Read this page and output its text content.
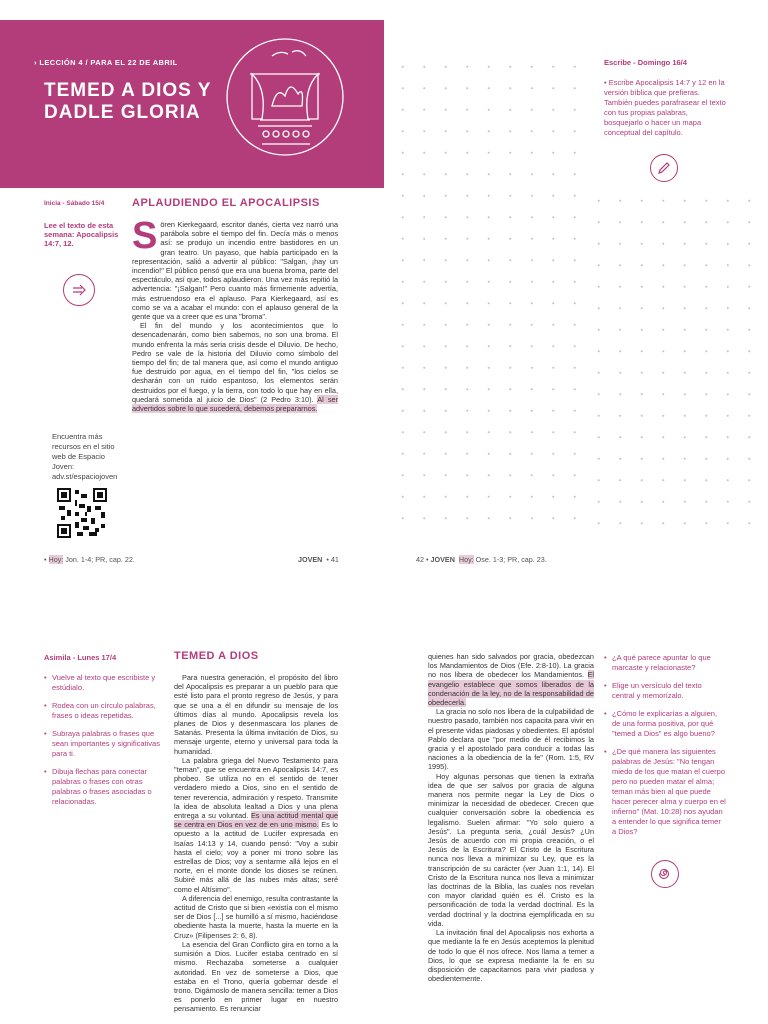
› LECCIÓN 4 / PARA EL 22 DE ABRIL
TEMED A DIOS Y DADLE GLORIA
Escribe - Domingo 16/4
• Escribe Apocalipsis 14:7 y 12 en la versión bíblica que prefieras. También puedes parafrasear el texto con tus propias palabras, bosquejarlo o hacer un mapa conceptual del capítulo.
Inicia - Sábado 15/4
Lee el texto de esta semana: Apocalipsis 14:7, 12.
Encuentra más recursos en el sitio web de Espacio Joven: adv.st/espaciojoven
APLAUDIENDO EL APOCALIPSIS
S ören Kierkegaard, escritor danés, cierta vez narró una parábola sobre el tiempo del fin. Decía más o menos así: se produjo un incendio entre bastidores en un gran teatro. Un payaso, que había participado en la representación, salió a advertir al público: "Salgan, ¡hay un incendio!" El público pensó que era una buena broma, parte del espectáculo, así que, todos aplaudieron. Una vez más repitió la advertencia: "¡Salgan!" Pero cuanto más firmemente advertía, más estruendoso era el aplauso. Para Kierkegaard, así es como se va a acabar el mundo: con el aplauso general de la gente que va a creer que es una "broma".

El fin del mundo y los acontecimientos que lo desencadenarán, como bien sabemos, no son una broma. El mundo enfrenta la más seria crisis desde el Diluvio. De hecho, Pedro se vale de la historia del Diluvio como símbolo del tiempo del fin; de tal manera que, así como el mundo antiguo fue destruido por agua, en el tiempo del fin, "los cielos se desharán con un ruido espantoso, los elementos serán destruidos por el fuego, y la tierra, con todo lo que hay en ella, quedará sometida al juicio de Dios" (2 Pedro 3:10). Al ser advertidos sobre lo que sucederá, debemos prepararnos.

• Hoy: Jon. 1-4; PR, cap. 22.	JOVEN • 41	42 • JOVEN Hoy: Ose. 1-3; PR, cap. 23.
Asimila - Lunes 17/4
• Vuelve al texto que escribiste y estúdialo.
• Rodea con un círculo palabras, frases o ideas repetidas.
• Subraya palabras o frases que sean importantes y significativas para ti.
• Dibuja flechas para conectar palabras o frases con otras palabras o frases asociadas o relacionadas.
TEMED A DIOS

Para nuestra generación, el propósito del libro del Apocalipsis es preparar a un pueblo para que esté listo para el pronto regreso de Jesús, y para que se una a él en difundir su mensaje de los últimos días al mundo. Apocalipsis revela los planes de Dios y desenmascara los planes de Satanás. Presenta la última invitación de Dios, su mensaje urgente, eterno y universal para toda la humanidad.

La palabra griega del Nuevo Testamento para "teman", que se encuentra en Apocalipsis 14:7, es phobeo. Se utiliza no en el sentido de tener verdadero miedo a Dios, sino en el sentido de tener reverencia, admiración y respeto. Transmite la idea de absoluta lealtad a Dios y una plena entrega a su voluntad. Es una actitud mental que se centra en Dios en vez de en uno mismo. Es lo opuesto a la actitud de Lucifer expresada en Isaías 14:13 y 14, cuando pensó: "Voy a subir hasta el cielo; voy a poner mi trono sobre las estrellas de Dios; voy a sentarme allá lejos en el norte, en el monte donde los dioses se reúnen. Subiré más allá de las nubes más altas; seré como el Altísimo".

A diferencia del enemigo, resulta contrastante la actitud de Cristo que si bien «existía con el mismo ser de Dios [...] se humilló a sí mismo, haciéndose obediente hasta la muerte, hasta la muerte en la Cruz» (Filipenses 2: 6, 8).

La esencia del Gran Conflicto gira en torno a la sumisión a Dios. Lucifer estaba centrado en sí mismo. Rechazaba someterse a cualquier autoridad. En vez de someterse a Dios, que estaba en el Trono, quería gobernar desde el trono. Digámoslo de manera sencilla: temer a Dios es ponerlo en primer lugar en nuestro pensamiento. Es renunciar

quienes han sido salvados por gracia, obedezcan los Mandamientos de Dios (Efe. 2:8-10). La gracia no nos libera de obedecer los Mandamientos. El evangelio establece que somos liberados de la condenación de la ley, no de la responsabilidad de obedecerla.

La gracia no solo nos libera de la culpabilidad de nuestro pasado, también nos capacita para vivir en el presente vidas piadosas y obedientes. El apóstol Pablo declara que "por medio de él recibimos la gracia y el apostolado para conducir a todas las naciones a la obediencia de la fe" (Rom. 1:5, RV 1995).

Hoy algunas personas que tienen la extraña idea de que ser salvos por gracia de alguna manera nos permite negar la Ley de Dios o minimizar la necesidad de obedecer. Crecen que cualquier conversación sobre la obediencia es legalismo. Suelen afirmar: "Yo solo quiero a Jesús". La pregunta seria, ¿cuál Jesús? ¿Un Jesús de acuerdo con mi propia creación, o el Jesús de la Escritura? El Cristo de la Escritura nunca nos lleva a minimizar su Ley, que es la transcripción de su carácter (ver Juan 1:1, 14). El Cristo de la Escritura nunca nos lleva a minimizar las doctrinas de la Biblia, las cuales nos revelan con mayor claridad quién es él. Cristo es la personificación de toda la verdad doctrinal. Es la verdad doctrinal y la doctrina ejemplificada en su vida.

La invitación final del Apocalipsis nos exhorta a que mediante la fe en Jesús aceptemos la plenitud de todo lo que él nos ofrece. Nos llama a temer a Dios, lo que se expresa mediante la fe en su disposición de capacitarnos para vivir piadosa y obedientemente.

• ¿A qué parece apuntar lo que marcaste y relacionaste?
• Elige un versículo del texto central y memorízalo.
• ¿Cómo le explicarías a alguien, de una forma positiva, por qué "temed a Dios" es algo bueno?
• ¿De qué manera las siguientes palabras de Jesús: "No tengan miedo de los que matan el cuerpo pero no pueden matar el alma; teman más bien al que puede hacer perecer alma y cuerpo en el infierno" (Mat. 10:28) nos ayudan a entender lo que significa temer a Dios?
